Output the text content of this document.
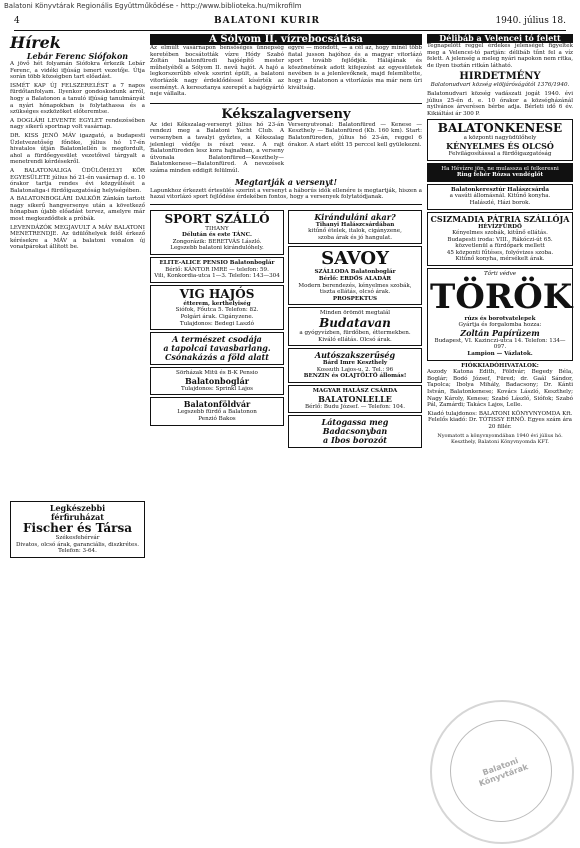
Balatoni Könyvtárak Regionális Együttműködése - http://www.biblioteka.hu/mikrofilm
4	BALATONI KURIR	1940. július 18.
Hírek
Lebár Ferenc Siófokon

A jövő hét folyamán Siófokra érkezik Lebár Ferenc, a vidéki ifjúság ismert vezetője. Útja során több községben tart előadást.

ISMÉT KAP ÚJ FELSZERELÉST a 7 napos fürdőtanfolyam. Ilyenkor gondoskodunk arról, hogy a Balatonon a tanuló ifjúság tanulmányát a nyári hónapokban is folytathassa és a szükséges eszközöket előteremtse.

A DOGLÁRI LEVENTE EGYLET rendezésében nagy sikerű sportnap volt vasárnap.

DR. KISS JENŐ MÁV igazgató, a budapesti Üzletvezetőség főnöke, július hó 17-én hivatalos útján Balatonlellén is megfordult, ahol a fürdőegyesület vezetőivel tárgyalt a menetrendi kérdésekről.

A BALATONALIGA ÜDÜLŐHELYI KÖR EGYESÜLETE július hó 21-én vasárnap d. e. 10 órakor tartja rendes évi közgyűlését a Balatonaliga-i fürdőigazgatóság helyiségében.

A BALATONBOGLÁRI DALKÖR Zánkán tartott nagy sikerű hangversenye után a következő hónapban újabb előadást tervez, amelyre már most megkezdődtek a próbák.

LEVENDÁZÓK MEGJAVULT A MÁV BALATONI MENETRENDJE. Az üdülőhelyek felől érkező kérésekre a MÁV a balatoni vonalon új vonatpárokat állított be.

Legkészebbi
férfiruházat
Fischer és Társa
Székesfehérvár
Divatos, olcsó árak, garanciális, diszkrétes.
Telefon: 3-64.
A Sólyom II. vízrebocsátása

Az elmúlt vasárnapon bensőséges ünnepség keretében bocsátották vízre Hódy Szabó Zoltán balatonfüredi hajóépítő mester műhelyéből a Sólyom II. nevű hajót. A hajó a legkorszerűbb elvek szerint épült, a balatoni vitorlázók nagy érdeklődéssel kísérték az eseményt. A keresztanya szerepét a hajógyártó neje vállalta.

egyre — mondott, — a cél az, hogy minél több fiatal jusson hajóhoz és a magyar vitorlázó sport tovább fejlődjék. Hálájának és köszönetének adott kifejezést az egyesületek nevében is a jelenlevőknek, majd felemlítette, hogy a Balatonon a vitorlázás ma már nem úri kiváltság.

Kékszalagverseny

Az idei Kékszalag-versenyt július hó 23-án rendezi meg a Balatoni Yacht Club. A versenyben a tavalyi győztes, a Kékszalag jelenlegi védője is részt vesz. A rajt Balatonfüreden lesz kora hajnalban, a verseny útvonala Balatonfüred—Keszthely—Balatonkenese—Balatonfüred. A nevezések száma minden eddigit felülmúl.

Versenyutvonal: Balatonfüred — Kenese — Keszthely — Balatonfüred (Kb. 160 km). Start: Balatonfüreden, július hó 23-án, reggel 6 órakor. A start előtt 15 perccel kell gyülekezni.

Megtartják a versenyt!

Lapunkhoz érkezett értesülés szerint a versenyt a háborús idők ellenére is megtartják, hiszen a hazai vitorlázó sport fejlődése érdekében fontos, hogy a versenyek folytatódjanak.

SPORT SZÁLLÓ
TIHANY
Délután és este TÁNC.
Zongorázik: BERETVÁS László.
Legszebb balatoni kirándulóhely.
ELITE-ALICE PENSIO Balatonboglár
Bérlő: KÁNTOR IMRE — telefon: 59.
Vili, Konkordia-utca 1—3. Telefon: 143—304
VIG HAJÓS
étterem, kerthelyiség
Siófok, Főutca 5. Telefon: 82.
Polgári árak. Cigányzene.
Tulajdonos: Bedegi Laszló
A természet csodája
a tapolcai tavasbarlang.
Csónakázás a föld alatt
Sörházak Mitü és B-K Pensio
Balatonboglár
Tulajdonos: Sprinkl Lajos
Balatonföldvár
Legszebb fürdő a Balatonon
Penzió Bakos
Kiránduláni akar?
Tihanyi Halászcsárdában
kitűnő ételek, italok, cigányzene,
szoba árak és jó hangulat.
SAVOY
SZÁLLODA Balatonboglár
Bérlő: ERDŐS ALADÁR
Modern berendezés, kényelmes szobák, tiszta ellátás, olcsó árak.
PROSPEKTUS
Minden örömöt megtalál
Budatavan
a gyógyvízben, fürdőben, éttermekben.
Kiváló ellátás. Olcsó árak.
Autószakszerűség
Bárd Imre Keszthely
Kossuth Lajos-u. 2. Tel.: 96
BENZIN és OLAJTÖLTŐ állomás!
MAGYAR HALÁSZ CSÁRDA
BALATONLELLE
Bérlő: Budu József. — Telefon: 104.
Látogassa meg
Badacsonyban
a Ibos borozót
Délibáb a Velencei tó felett

Tegnapelőtt reggel érdekes jelenséget figyeltek meg a Velencei-tó partján: délibáb tűnt fel a víz felett. A jelenség a meleg nyári napokon nem ritka, de ilyen tisztán ritkán látható.

HIRDETMÉNY

Balatonudvari község elöljáróságától 1376/1940.

Balatonudvari község vadászati jogát 1940. évi július 25-én d. e. 10 órakor a községházánál nyilvános árverésen bérbe adja. Bérleti idő 6 év. Kikiáltási ár 300 P.

BALATONKENESE
a központi nagyüdülőhely
KÉNYELMES ÉS OLCSÓ
Felvilágosítással a fürdőigazgatóság
Ha Hévízre jön, ne mulassza el felkeresni
Ring fehér Rózsa vendéglőt
Balatonkeresztúr Halászcsárda
a vasúti állomásnál. Kitűnő konyha.
Halászlé, Házi borok.
CSIZMADIA PÁTRIA SZÁLLÓJA
HÉVÍZFÜRDŐ
Kényelmes szobák, kitűnő ellátás.
Budapesti iroda: VIII., Rákóczi-út 65.
közvetlenül a fürdőpark mellett
45 központi fűtéses, folyóvizes szoba.
Kitűnő konyha, mérsékelt árak.
Tőrti védve
TÖRÖK
rúzs és borotvatelepek
Gyártja és forgalomba hozza:
Zoltán Papírüzem
Budapest, VI. Kazinczi-utca 14. Telefon: 134—097.
Lampion — Vázlatok.
FIÓKKIADÓHIVATALOK:

Aszody Katona Edith, Földvár; Begedy Béla, Boglár; Bodó József, Füred; dr. Gaál Sándor, Tapolca; Ibolya Mihály, Badacsony; Dr. Kánti István, Balatonkenese; Kovács László, Keszthely; Nagy Károly, Kenese; Szabó László, Siófok; Szabó Pál, Zamárdi; Takács Lajos, Lelle.

Kiadó tulajdonos: BALATONI KÖNYVNYOMDA Kft. Felelős kiadó: Dr. TÓTISSY ERNŐ. Egyes szám ára 20 fillér.

Nyomatott a könyvnyomdában 1940 évi július hó. Keszthely, Balatoni Könyvnyomda KFT.

Balatoni Könyvtárak
